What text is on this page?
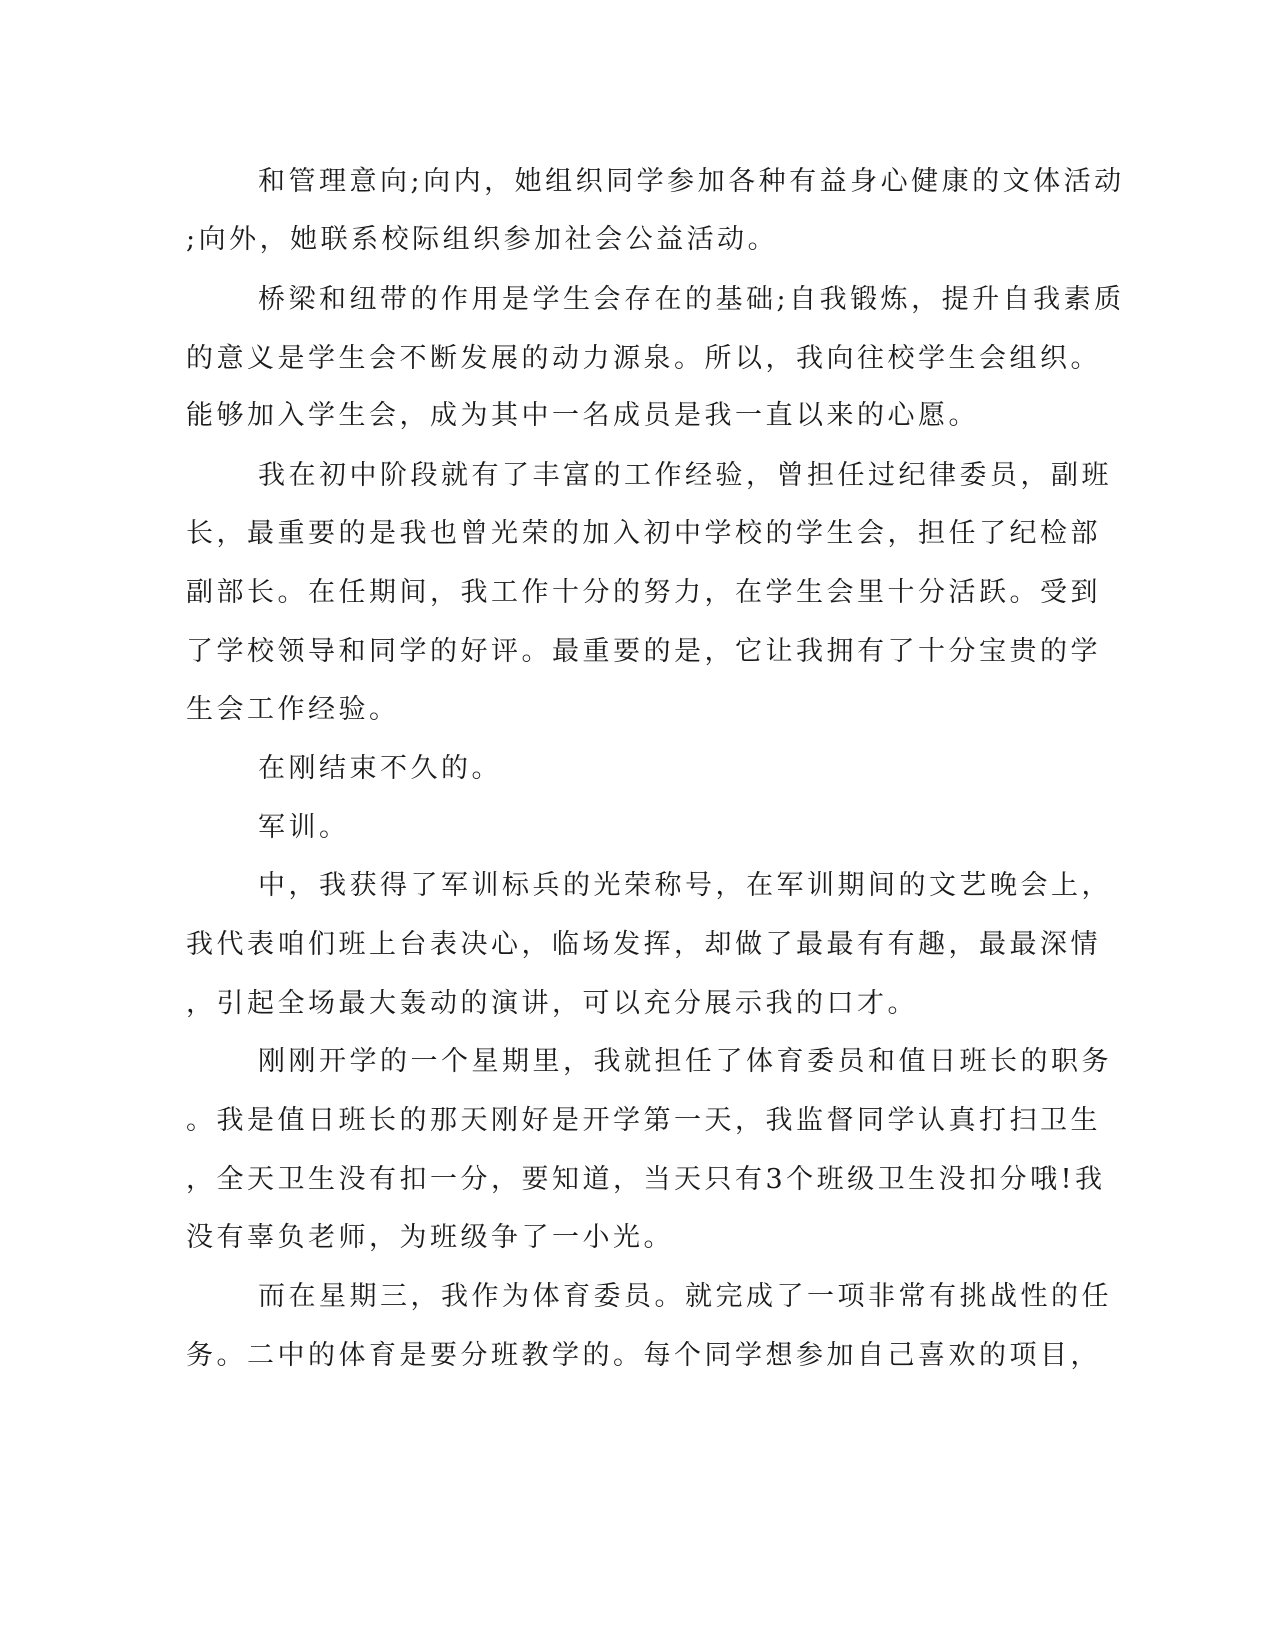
和管理意向;向内，她组织同学参加各种有益身心健康的文体活动
;向外，她联系校际组织参加社会公益活动。
桥梁和纽带的作用是学生会存在的基础;自我锻炼，提升自我素质
的意义是学生会不断发展的动力源泉。所以，我向往校学生会组织。
能够加入学生会，成为其中一名成员是我一直以来的心愿。
我在初中阶段就有了丰富的工作经验，曾担任过纪律委员，副班
长，最重要的是我也曾光荣的加入初中学校的学生会，担任了纪检部
副部长。在任期间，我工作十分的努力，在学生会里十分活跃。受到
了学校领导和同学的好评。最重要的是，它让我拥有了十分宝贵的学
生会工作经验。
在刚结束不久的。
军训。
中，我获得了军训标兵的光荣称号，在军训期间的文艺晚会上，
我代表咱们班上台表决心，临场发挥，却做了最最有有趣，最最深情
，引起全场最大轰动的演讲，可以充分展示我的口才。
刚刚开学的一个星期里，我就担任了体育委员和值日班长的职务
。我是值日班长的那天刚好是开学第一天，我监督同学认真打扫卫生
，全天卫生没有扣一分，要知道，当天只有3个班级卫生没扣分哦!我
没有辜负老师，为班级争了一小光。
而在星期三，我作为体育委员。就完成了一项非常有挑战性的任
务。二中的体育是要分班教学的。每个同学想参加自己喜欢的项目，
